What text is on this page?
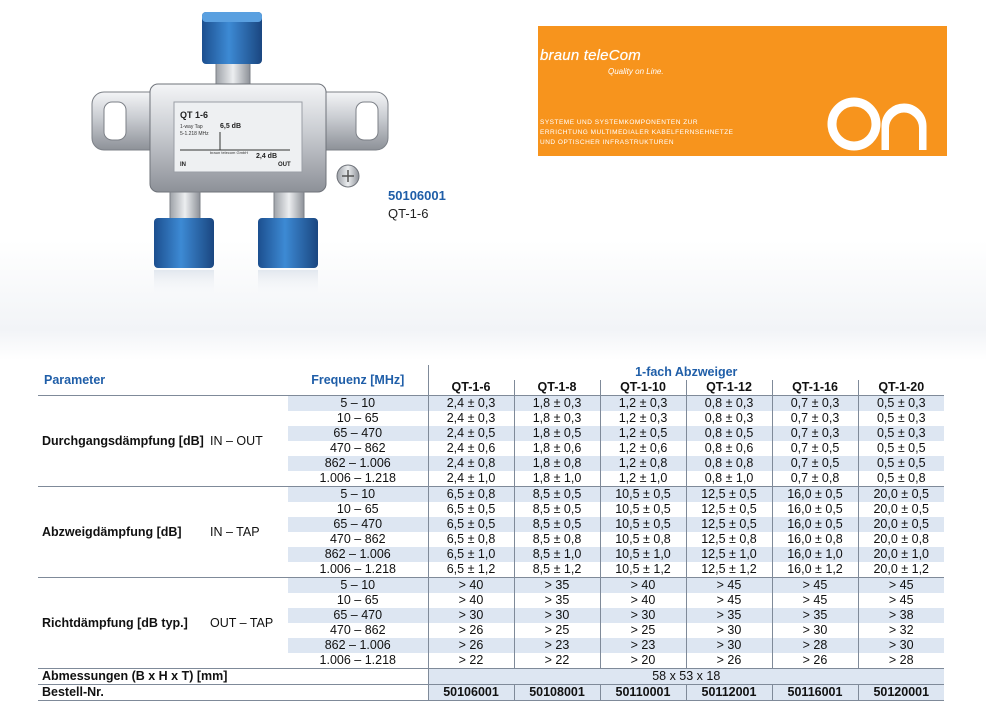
QT 1-6
1-way Tap
5-1.218 MHz
6,5 dB
2,4 dB
IN	OUT
braun telecom GmbH
50106001
QT-1-6
braun teleCom
Quality on Line.
SYSTEME UND SYSTEMKOMPONENTEN ZUR
ERRICHTUNG MULTIMEDIALER KABELFERNSEHNETZE
UND OPTISCHER INFRASTRUKTUREN
on
Parameter		Frequenz [MHz]	1-fach Abzweiger					
			QT-1-6	QT-1-8	QT-1-10	QT-1-12	QT-1-16	QT-1-20
Durchgangsdämpfung [dB]	IN – OUT	5 – 10	2,4 ± 0,3	1,8 ± 0,3	1,2 ± 0,3	0,8 ± 0,3	0,7 ± 0,3	0,5 ± 0,3
		10 – 65	2,4 ± 0,3	1,8 ± 0,3	1,2 ± 0,3	0,8 ± 0,3	0,7 ± 0,3	0,5 ± 0,3
		65 – 470	2,4 ± 0,5	1,8 ± 0,5	1,2 ± 0,5	0,8 ± 0,5	0,7 ± 0,3	0,5 ± 0,3
		470 – 862	2,4 ± 0,6	1,8 ± 0,6	1,2 ± 0,6	0,8 ± 0,6	0,7 ± 0,5	0,5 ± 0,5
		862 – 1.006	2,4 ± 0,8	1,8 ± 0,8	1,2 ± 0,8	0,8 ± 0,8	0,7 ± 0,5	0,5 ± 0,5
		1.006 – 1.218	2,4 ± 1,0	1,8 ± 1,0	1,2 ± 1,0	0,8 ± 1,0	0,7 ± 0,8	0,5 ± 0,8
Abzweigdämpfung [dB]	IN – TAP	5 – 10	6,5 ± 0,8	8,5 ± 0,5	10,5 ± 0,5	12,5 ± 0,5	16,0 ± 0,5	20,0 ± 0,5
		10 – 65	6,5 ± 0,5	8,5 ± 0,5	10,5 ± 0,5	12,5 ± 0,5	16,0 ± 0,5	20,0 ± 0,5
		65 – 470	6,5 ± 0,5	8,5 ± 0,5	10,5 ± 0,5	12,5 ± 0,5	16,0 ± 0,5	20,0 ± 0,5
		470 – 862	6,5 ± 0,8	8,5 ± 0,8	10,5 ± 0,8	12,5 ± 0,8	16,0 ± 0,8	20,0 ± 0,8
		862 – 1.006	6,5 ± 1,0	8,5 ± 1,0	10,5 ± 1,0	12,5 ± 1,0	16,0 ± 1,0	20,0 ± 1,0
		1.006 – 1.218	6,5 ± 1,2	8,5 ± 1,2	10,5 ± 1,2	12,5 ± 1,2	16,0 ± 1,2	20,0 ± 1,2
Richtdämpfung [dB typ.]	OUT – TAP	5 – 10	> 40	> 35	> 40	> 45	> 45	> 45
		10 – 65	> 40	> 35	> 40	> 45	> 45	> 45
		65 – 470	> 30	> 30	> 30	> 35	> 35	> 38
		470 – 862	> 26	> 25	> 25	> 30	> 30	> 32
		862 – 1.006	> 26	> 23	> 23	> 30	> 28	> 30
		1.006 – 1.218	> 22	> 22	> 20	> 26	> 26	> 28
Abmessungen (B x H x T) [mm]			58 x 53 x 18					
Bestell-Nr.			50106001	50108001	50110001	50112001	50116001	50120001
